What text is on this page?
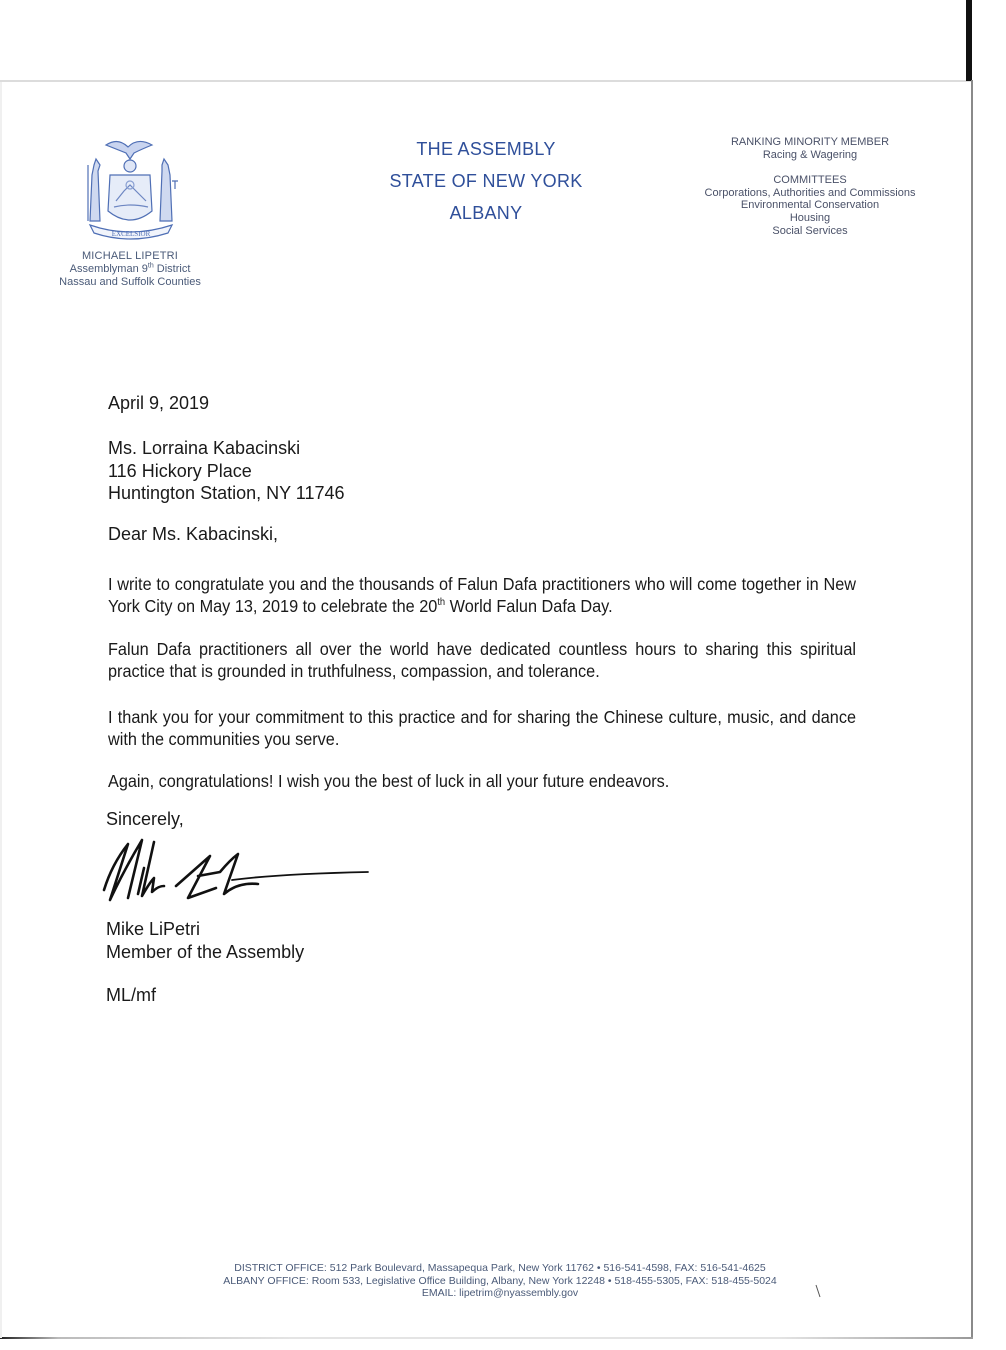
EXCELSIOR
MICHAEL LIPETRI
Assemblyman 9th District
Nassau and Suffolk Counties
THE ASSEMBLY
STATE OF NEW YORK
ALBANY
RANKING MINORITY MEMBER
Racing & Wagering
COMMITTEES
Corporations, Authorities and Commissions
Environmental Conservation
Housing
Social Services
April 9, 2019
Ms. Lorraina Kabacinski
116 Hickory Place
Huntington Station, NY 11746
Dear Ms. Kabacinski,
I write to congratulate you and the thousands of Falun Dafa practitioners who will come together in New York City on May 13, 2019 to celebrate the 20th World Falun Dafa Day.
Falun Dafa practitioners all over the world have dedicated countless hours to sharing this spiritual practice that is grounded in truthfulness, compassion, and tolerance.
I thank you for your commitment to this practice and for sharing the Chinese culture, music, and dance with the communities you serve.
Again, congratulations! I wish you the best of luck in all your future endeavors.
Sincerely,
Mike LiPetri
Member of the Assembly
ML/mf
DISTRICT OFFICE: 512 Park Boulevard, Massapequa Park, New York 11762 • 516-541-4598, FAX: 516-541-4625
ALBANY OFFICE: Room 533, Legislative Office Building, Albany, New York 12248 • 518-455-5305, FAX: 518-455-5024
EMAIL: lipetrim@nyassembly.gov
